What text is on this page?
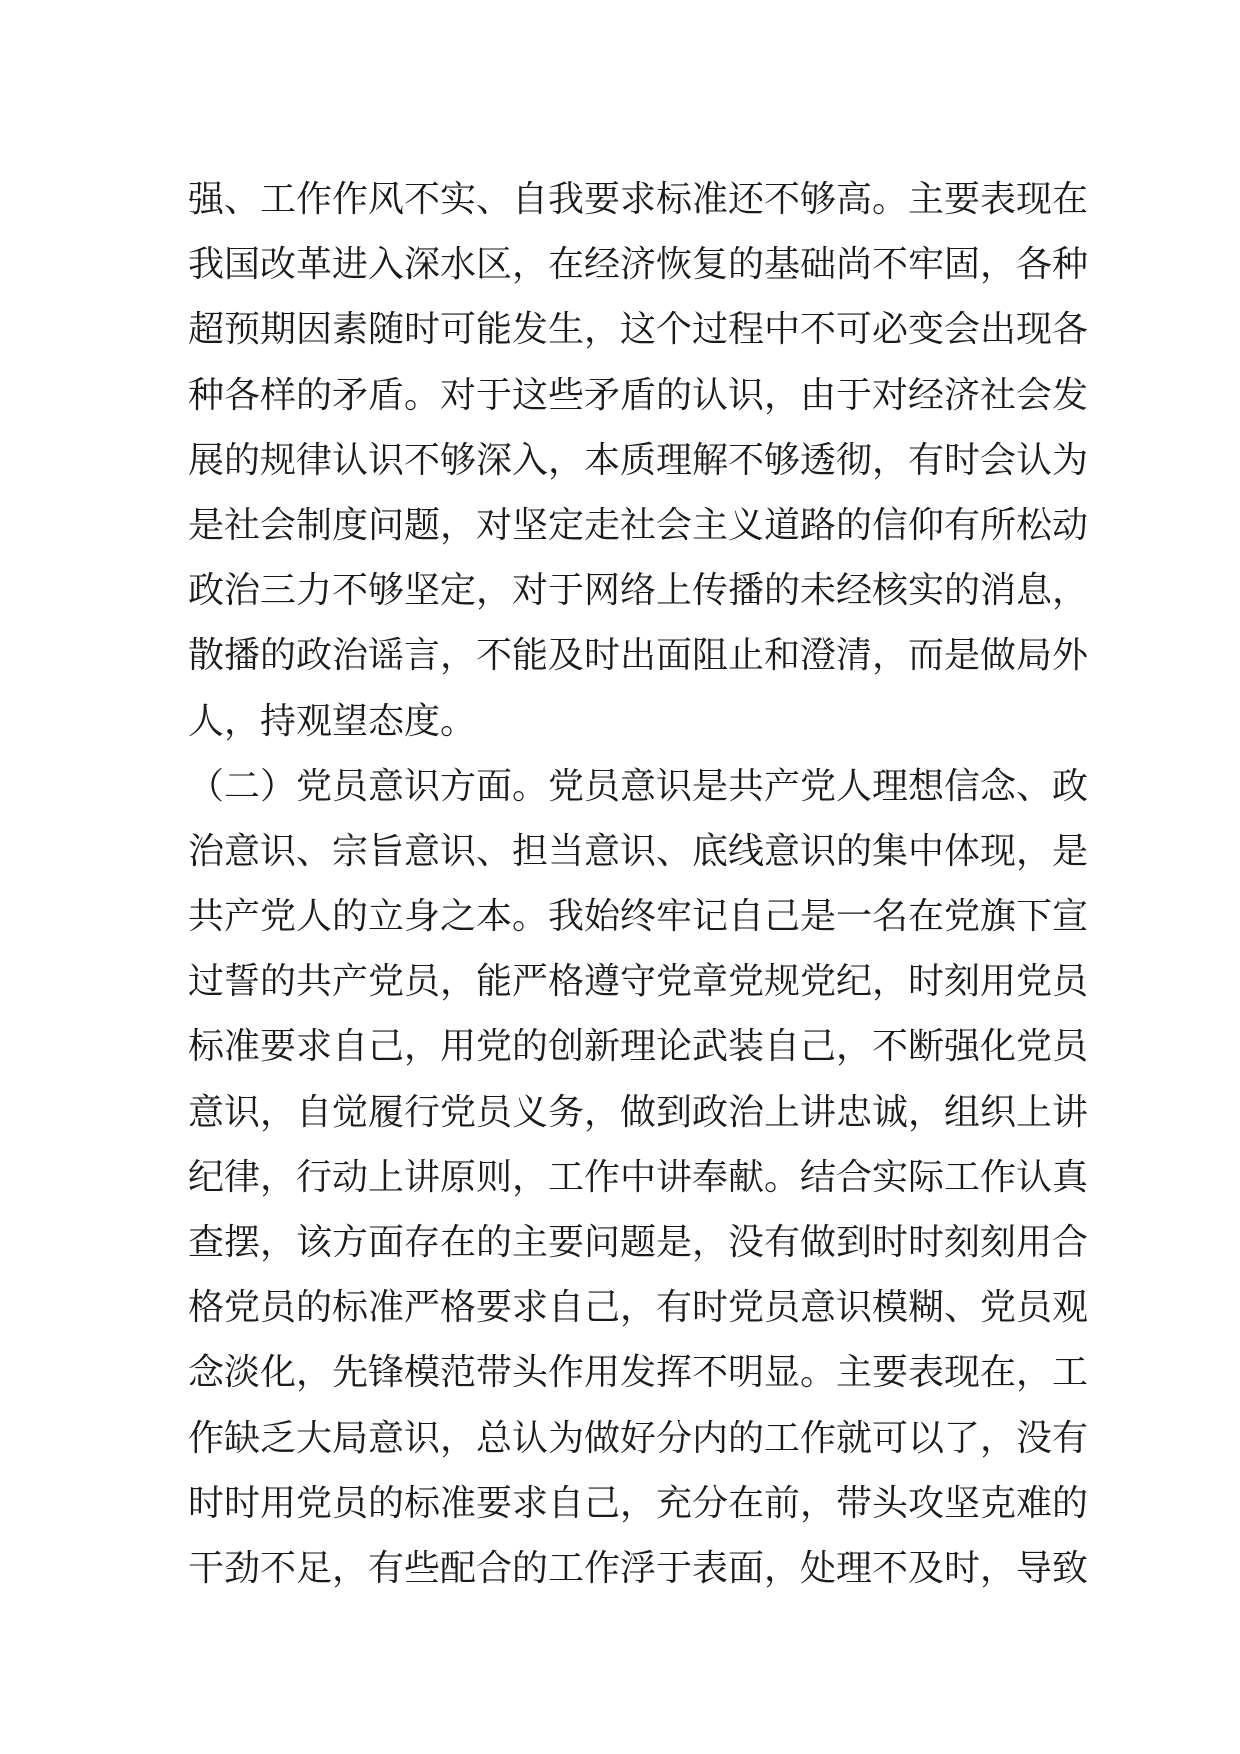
强、工作作风不实、自我要求标准还不够高。主要表现在
我国改革进入深水区，在经济恢复的基础尚不牢固，各种
超预期因素随时可能发生，这个过程中不可必变会出现各
种各样的矛盾。对于这些矛盾的认识，由于对经济社会发
展的规律认识不够深入，本质理解不够透彻，有时会认为
是社会制度问题，对坚定走社会主义道路的信仰有所松动
政治三力不够坚定，对于网络上传播的未经核实的消息，
散播的政治谣言，不能及时出面阻止和澄清，而是做局外
人，持观望态度。
（二）党员意识方面。党员意识是共产党人理想信念、政
治意识、宗旨意识、担当意识、底线意识的集中体现，是
共产党人的立身之本。我始终牢记自己是一名在党旗下宣
过誓的共产党员，能严格遵守党章党规党纪，时刻用党员
标准要求自己，用党的创新理论武装自己，不断强化党员
意识，自觉履行党员义务，做到政治上讲忠诚，组织上讲
纪律，行动上讲原则，工作中讲奉献。结合实际工作认真
查摆，该方面存在的主要问题是，没有做到时时刻刻用合
格党员的标准严格要求自己，有时党员意识模糊、党员观
念淡化，先锋模范带头作用发挥不明显。主要表现在，工
作缺乏大局意识，总认为做好分内的工作就可以了，没有
时时用党员的标准要求自己，充分在前，带头攻坚克难的
干劲不足，有些配合的工作浮于表面，处理不及时，导致
